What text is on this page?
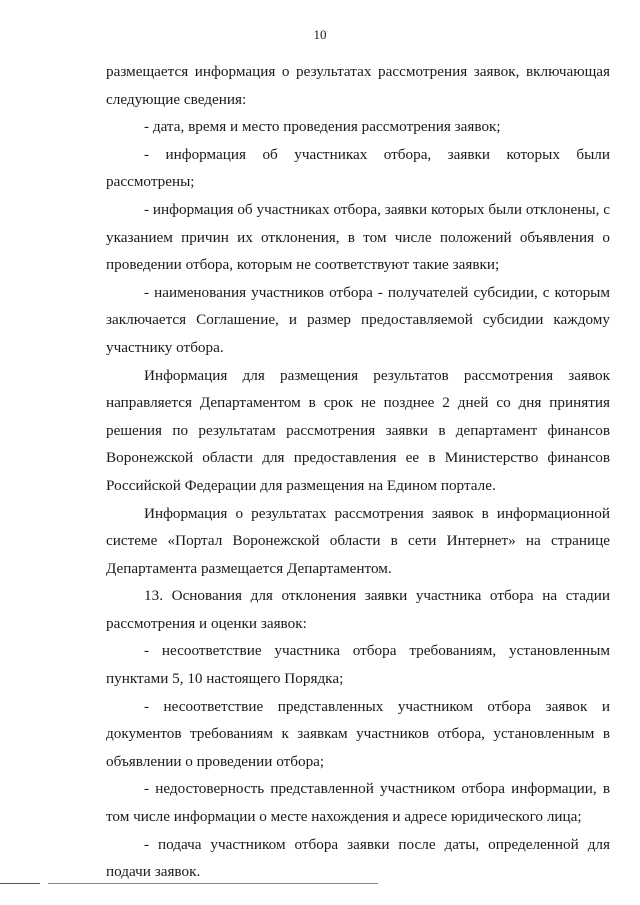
10

размещается информация о результатах рассмотрения заявок, включающая следующие сведения:

- дата, время и место проведения рассмотрения заявок;

- информация об участниках отбора, заявки которых были рассмотрены;

- информация об участниках отбора, заявки которых были отклонены, с указанием причин их отклонения, в том числе положений объявления о проведении отбора, которым не соответствуют такие заявки;

- наименования участников отбора - получателей субсидии, с которым заключается Соглашение, и размер предоставляемой субсидии каждому участнику отбора.

Информация для размещения результатов рассмотрения заявок направляется Департаментом в срок не позднее 2 дней со дня принятия решения по результатам рассмотрения заявки в департамент финансов Воронежской области для предоставления ее в Министерство финансов Российской Федерации для размещения на Едином портале.

Информация о результатах рассмотрения заявок в информационной системе «Портал Воронежской области в сети Интернет» на странице Департамента размещается Департаментом.

13. Основания для отклонения заявки участника отбора на стадии рассмотрения и оценки заявок:

- несоответствие участника отбора требованиям, установленным пунктами 5, 10 настоящего Порядка;

- несоответствие представленных участником отбора заявок и документов требованиям к заявкам участников отбора, установленным в объявлении о проведении отбора;

- недостоверность представленной участником отбора информации, в том числе информации о месте нахождения и адресе юридического лица;

- подача участником отбора заявки после даты, определенной для подачи заявок.
